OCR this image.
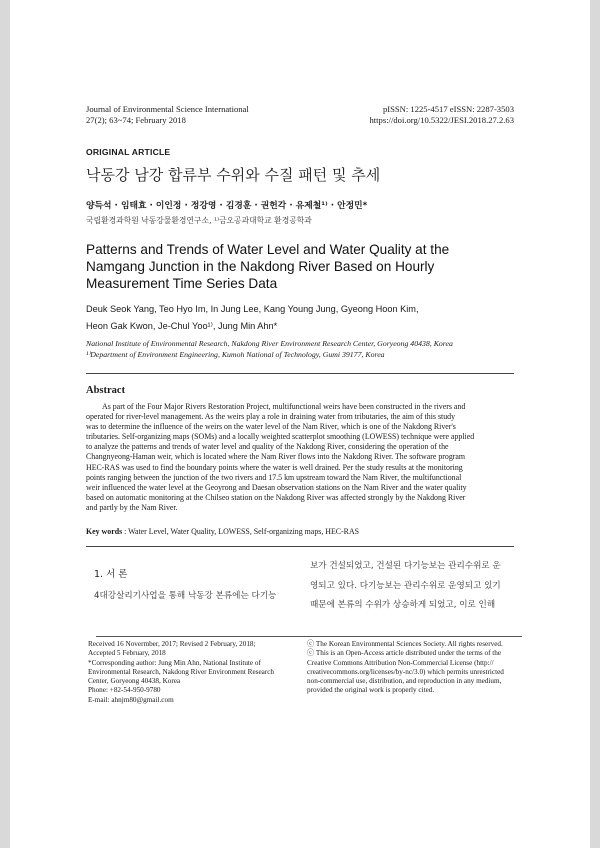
Journal of Environmental Science International
27(2); 63~74; February 2018
pISSN: 1225-4517 eISSN: 2287-3503
https://doi.org/10.5322/JESI.2018.27.2.63
ORIGINAL ARTICLE
낙동강 남강 합류부 수위와 수질 패턴 및 추세
양득석 · 임태효 · 이인정 · 정강영 · 김경훈 · 권헌각 · 유제철¹⁾ · 안정민*
국립환경과학원 낙동강물환경연구소, ¹⁾금오공과대학교 환경공학과
Patterns and Trends of Water Level and Water Quality at the
Namgang Junction in the Nakdong River Based on Hourly
Measurement Time Series Data
Deuk Seok Yang, Teo Hyo Im, In Jung Lee, Kang Young Jung, Gyeong Hoon Kim,
Heon Gak Kwon, Je-Chul Yoo¹⁾, Jung Min Ahn*
National Institute of Environmental Research, Nakdong River Environment Research Center, Goryeong 40438, Korea
¹⁾Department of Environment Engineering, Kumoh National of Technology, Gumi 39177, Korea
Abstract
As part of the Four Major Rivers Restoration Project, multifunctional weirs have been constructed in the rivers and
operated for river-level management. As the weirs play a role in draining water from tributaries, the aim of this study
was to determine the influence of the weirs on the water level of the Nam River, which is one of the Nakdong River's
tributaries. Self-organizing maps (SOMs) and a locally weighted scatterplot smoothing (LOWESS) technique were applied
to analyze the patterns and trends of water level and quality of the Nakdong River, considering the operation of the
Changnyeong-Haman weir, which is located where the Nam River flows into the Nakdong River. The software program
HEC-RAS was used to find the boundary points where the water is well drained. Per the study results at the monitoring
points ranging between the junction of the two rivers and 17.5 km upstream toward the Nam River, the multifunctional
weir influenced the water level at the Geoyrong and Daesan observation stations on the Nam River and the water quality
based on automatic monitoring at the Chilseo station on the Nakdong River was affected strongly by the Nakdong River
and partly by the Nam River.
Key words : Water Level, Water Quality, LOWESS, Self-organizing maps, HEC-RAS
1. 서 론
4대강살리기사업을 통해 낙동강 본류에는 다기능
보가 건설되었고, 건설된 다기능보는 관리수위로 운
영되고 있다. 다기능보는 관리수위로 운영되고 있기
때문에 본류의 수위가 상승하게 되었고, 이로 인해
Received 16 Novermber, 2017; Revised 2 February, 2018;
Accepted 5 February, 2018
*Corresponding author: Jung Min Ahn, National Institute of
Environmental Research, Nakdong River Environment Research
Center, Goryeong 40438, Korea
Phone: +82-54-950-9780
E-mail: ahnjm80@gmail.com
ⓒ The Korean Environmental Sciences Society. All rights reserved.
ⓒ This is an Open-Access article distributed under the terms of the
Creative Commons Attribution Non-Commercial License (http://
creativecommons.org/licenses/by-nc/3.0) which permits unrestricted
non-commercial use, distribution, and reproduction in any medium,
provided the original work is properly cited.
